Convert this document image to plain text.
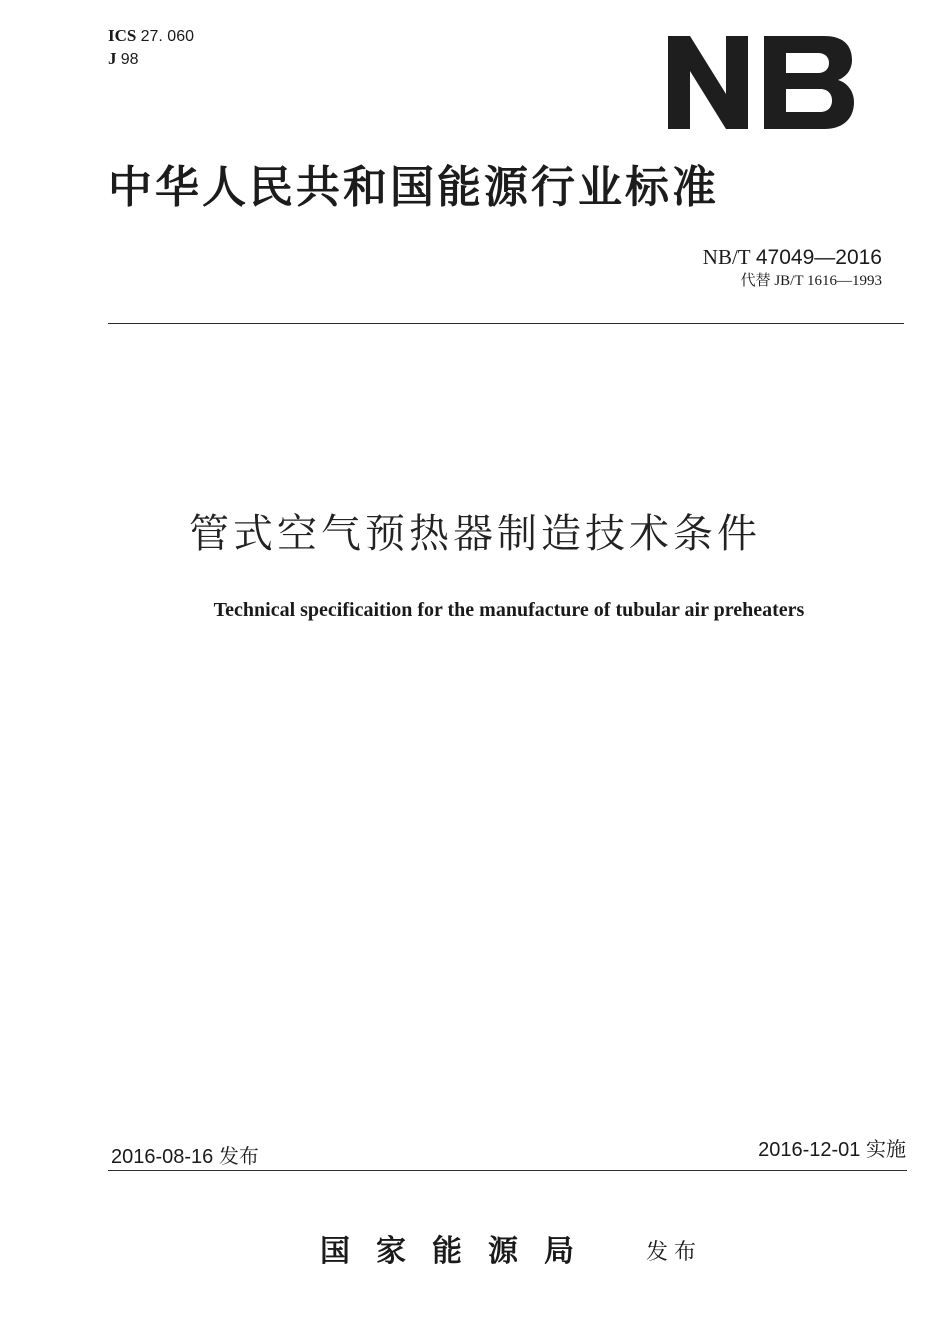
ICS 27. 060
J 98
中华人民共和国能源行业标准
NB/T 47049—2016
代替 JB/T 1616—1993
管式空气预热器制造技术条件
Technical specificaition for the manufacture of tubular air preheaters
2016-08-16 发布	2016-12-01 实施
国家能源局 发布
